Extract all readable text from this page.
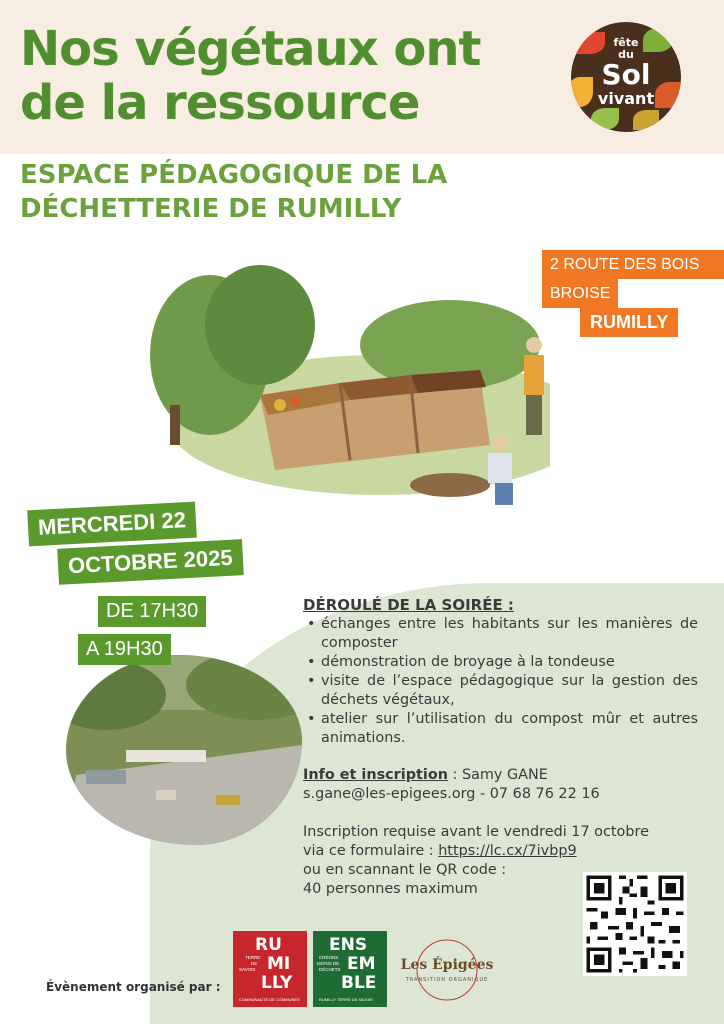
Nos végétaux ont
de la ressource
ESPACE PÉDAGOGIQUE DE LA
DÉCHETTERIE DE RUMILLY
fête
du
Sol
vivant
2 ROUTE DES BOIS
BROISE RUMILLY
MERCREDI 22
OCTOBRE 2025
DE 17H30
A 19H30
DÉROULÉ DE LA SOIRÉE :
• échanges entre les habitants sur les manières de composter
• démonstration de broyage à la tondeuse
• visite de l’espace pédagogique sur la gestion des déchets végétaux,
• atelier sur l’utilisation du compost mûr et autres animations.
Info et inscription : Samy GANE
s.gane@les-epigees.org - 07 68 76 22 16
Inscription requise avant le vendredi 17 octobre
via ce formulaire : https://lc.cx/7ivbp9
ou en scannant le QR code :
40 personnes maximum
Évènement organisé par :
RU
MI
LLY
TERRE
DE
SAVOIE
COMMUNAUTÉ DE COMMUNES
ENS
EM
BLE
CRÉONS
MOINS DE
DÉCHETS
RUMILLY TERRE DE SAVOIE
Les Épigées
TRANSITION ORGANIQUE
